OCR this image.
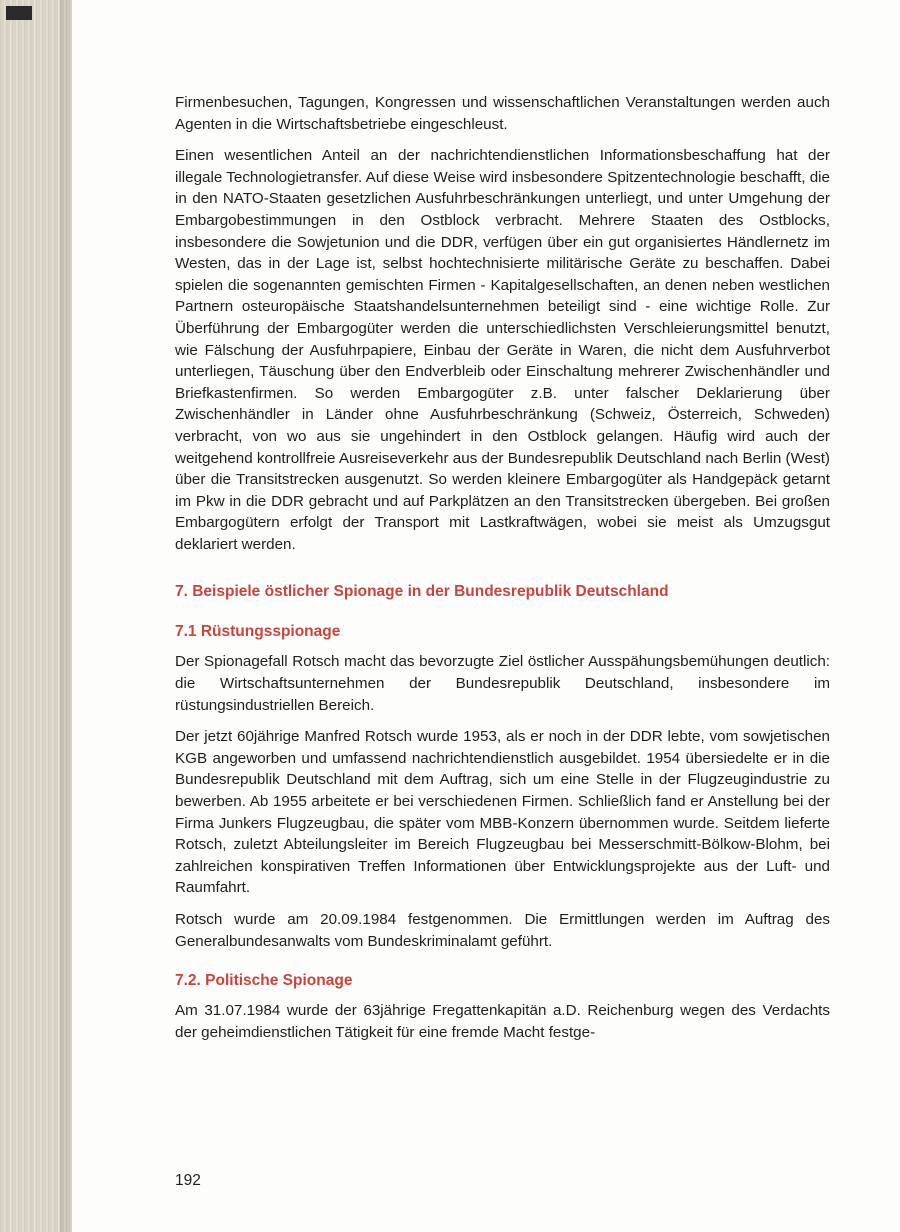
Firmenbesuchen, Tagungen, Kongressen und wissenschaftlichen Veranstaltungen werden auch Agenten in die Wirtschaftsbetriebe eingeschleust.

Einen wesentlichen Anteil an der nachrichtendienstlichen Informationsbeschaffung hat der illegale Technologietransfer. Auf diese Weise wird insbesondere Spitzentechnologie beschafft, die in den NATO-Staaten gesetzlichen Ausfuhrbeschränkungen unterliegt, und unter Umgehung der Embargobestimmungen in den Ostblock verbracht. Mehrere Staaten des Ostblocks, insbesondere die Sowjetunion und die DDR, verfügen über ein gut organisiertes Händlernetz im Westen, das in der Lage ist, selbst hochtechnisierte militärische Geräte zu beschaffen. Dabei spielen die sogenannten gemischten Firmen - Kapitalgesellschaften, an denen neben westlichen Partnern osteuropäische Staatshandelsunternehmen beteiligt sind - eine wichtige Rolle. Zur Überführung der Embargogüter werden die unterschiedlichsten Verschleierungsmittel benutzt, wie Fälschung der Ausfuhrpapiere, Einbau der Geräte in Waren, die nicht dem Ausfuhrverbot unterliegen, Täuschung über den Endverbleib oder Einschaltung mehrerer Zwischenhändler und Briefkastenfirmen. So werden Embargogüter z.B. unter falscher Deklarierung über Zwischenhändler in Länder ohne Ausfuhrbeschränkung (Schweiz, Österreich, Schweden) verbracht, von wo aus sie ungehindert in den Ostblock gelangen. Häufig wird auch der weitgehend kontrollfreie Ausreiseverkehr aus der Bundesrepublik Deutschland nach Berlin (West) über die Transitstrecken ausgenutzt. So werden kleinere Embargogüter als Handgepäck getarnt im Pkw in die DDR gebracht und auf Parkplätzen an den Transitstrecken übergeben. Bei großen Embargogütern erfolgt der Transport mit Lastkraftwägen, wobei sie meist als Umzugsgut deklariert werden.

7. Beispiele östlicher Spionage in der Bundesrepublik Deutschland
7.1 Rüstungsspionage

Der Spionagefall Rotsch macht das bevorzugte Ziel östlicher Ausspähungsbemühungen deutlich: die Wirtschaftsunternehmen der Bundesrepublik Deutschland, insbesondere im rüstungsindustriellen Bereich.

Der jetzt 60jährige Manfred Rotsch wurde 1953, als er noch in der DDR lebte, vom sowjetischen KGB angeworben und umfassend nachrichtendienstlich ausgebildet. 1954 übersiedelte er in die Bundesrepublik Deutschland mit dem Auftrag, sich um eine Stelle in der Flugzeugindustrie zu bewerben. Ab 1955 arbeitete er bei verschiedenen Firmen. Schließlich fand er Anstellung bei der Firma Junkers Flugzeugbau, die später vom MBB-Konzern übernommen wurde. Seitdem lieferte Rotsch, zuletzt Abteilungsleiter im Bereich Flugzeugbau bei Messerschmitt-Bölkow-Blohm, bei zahlreichen konspirativen Treffen Informationen über Entwicklungsprojekte aus der Luft- und Raumfahrt.

Rotsch wurde am 20.09.1984 festgenommen. Die Ermittlungen werden im Auftrag des Generalbundesanwalts vom Bundeskriminalamt geführt.

7.2. Politische Spionage

Am 31.07.1984 wurde der 63jährige Fregattenkapitän a.D. Reichenburg wegen des Verdachts der geheimdienstlichen Tätigkeit für eine fremde Macht festge-

192
